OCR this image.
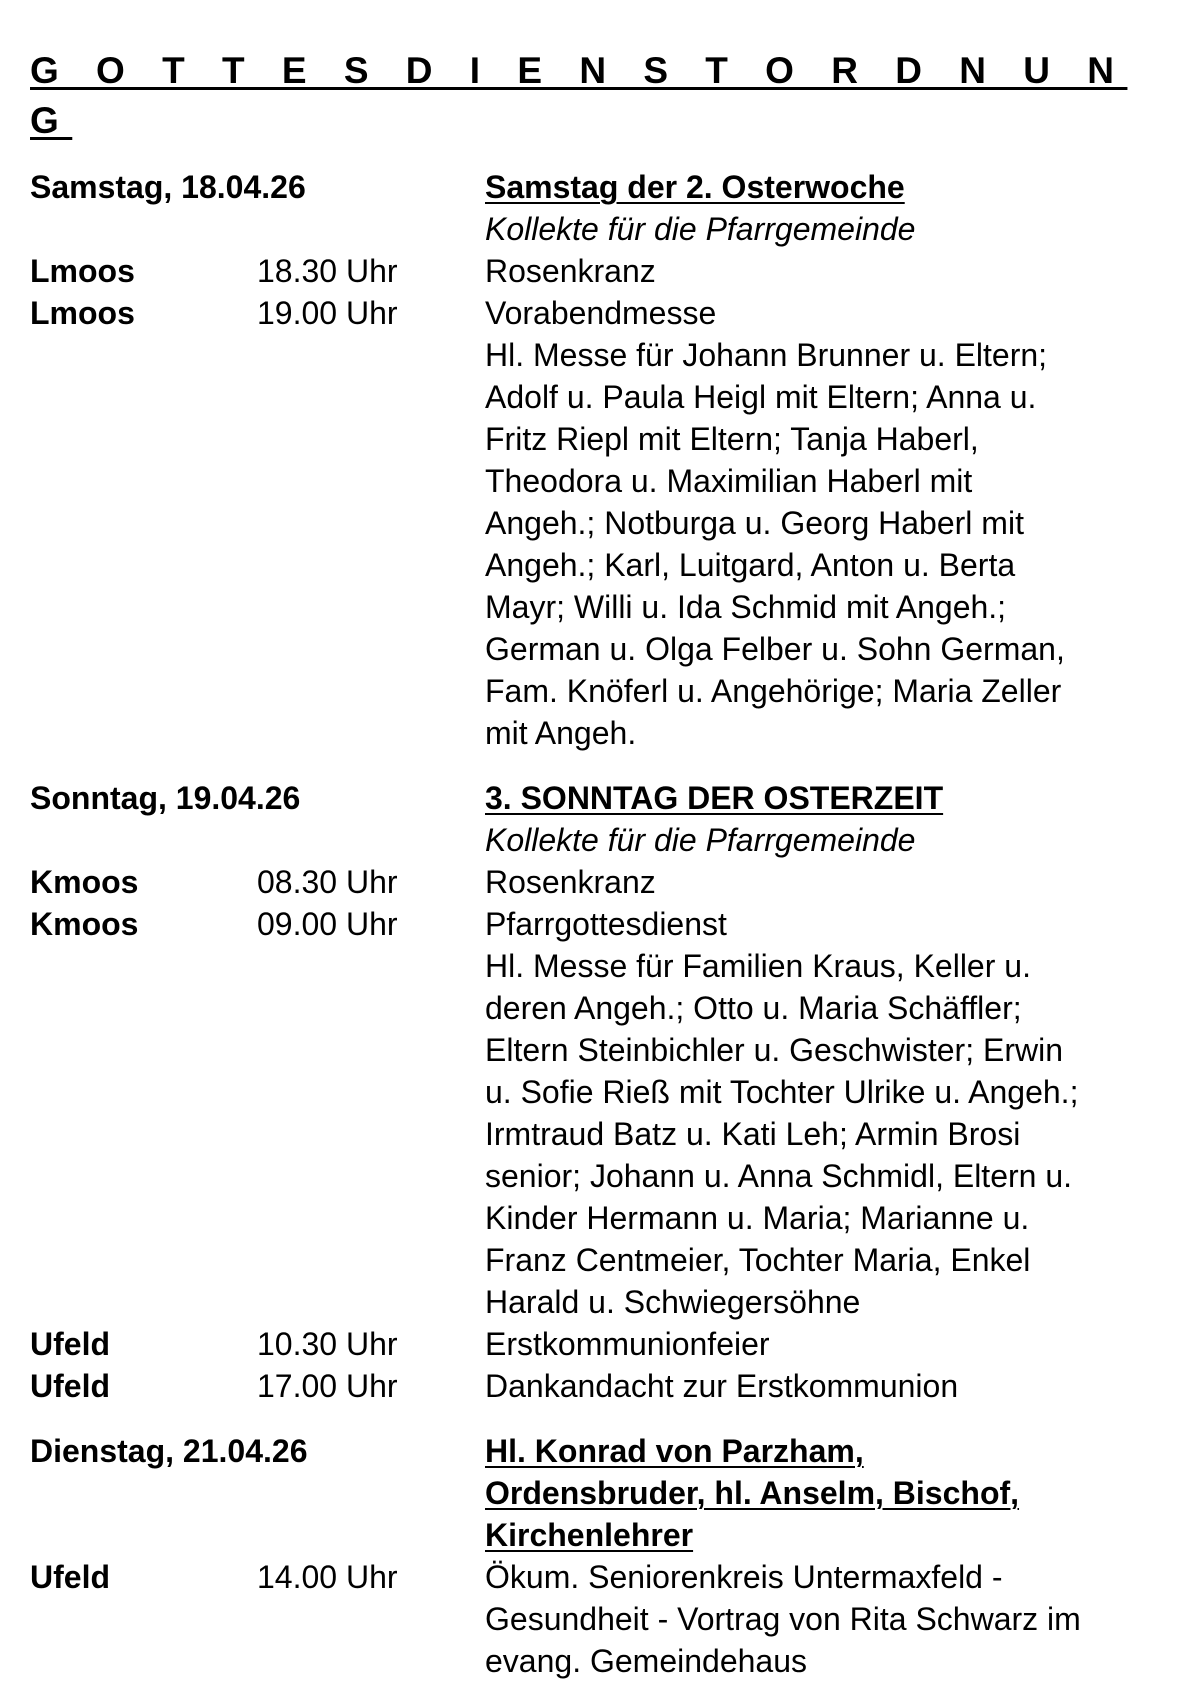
G O T T E S D I E N S T O R D N U N G
Samstag, 18.04.26	Samstag der 2. Osterwoche
Kollekte für die Pfarrgemeinde
Lmoos	18.30 Uhr	Rosenkranz
Lmoos	19.00 Uhr	Vorabendmesse
Hl. Messe für Johann Brunner u. Eltern;
Adolf u. Paula Heigl mit Eltern; Anna u.
Fritz Riepl mit Eltern; Tanja Haberl,
Theodora u. Maximilian Haberl mit
Angeh.; Notburga u. Georg Haberl mit
Angeh.; Karl, Luitgard, Anton u. Berta
Mayr; Willi u. Ida Schmid mit Angeh.;
German u. Olga Felber u. Sohn German,
Fam. Knöferl u. Angehörige; Maria Zeller
mit Angeh.
Sonntag, 19.04.26	3. SONNTAG DER OSTERZEIT
Kollekte für die Pfarrgemeinde
Kmoos	08.30 Uhr	Rosenkranz
Kmoos	09.00 Uhr	Pfarrgottesdienst
Hl. Messe für Familien Kraus, Keller u.
deren Angeh.; Otto u. Maria Schäffler;
Eltern Steinbichler u. Geschwister; Erwin
u. Sofie Rieß mit Tochter Ulrike u. Angeh.;
Irmtraud Batz u. Kati Leh; Armin Brosi
senior; Johann u. Anna Schmidl, Eltern u.
Kinder Hermann u. Maria; Marianne u.
Franz Centmeier, Tochter Maria, Enkel
Harald u. Schwiegersöhne
Ufeld	10.30 Uhr	Erstkommunionfeier
Ufeld	17.00 Uhr	Dankandacht zur Erstkommunion
Dienstag, 21.04.26	Hl. Konrad von Parzham,
Ordensbruder, hl. Anselm, Bischof,
Kirchenlehrer
Ufeld	14.00 Uhr	Ökum. Seniorenkreis Untermaxfeld -
Gesundheit - Vortrag von Rita Schwarz im
evang. Gemeindehaus
